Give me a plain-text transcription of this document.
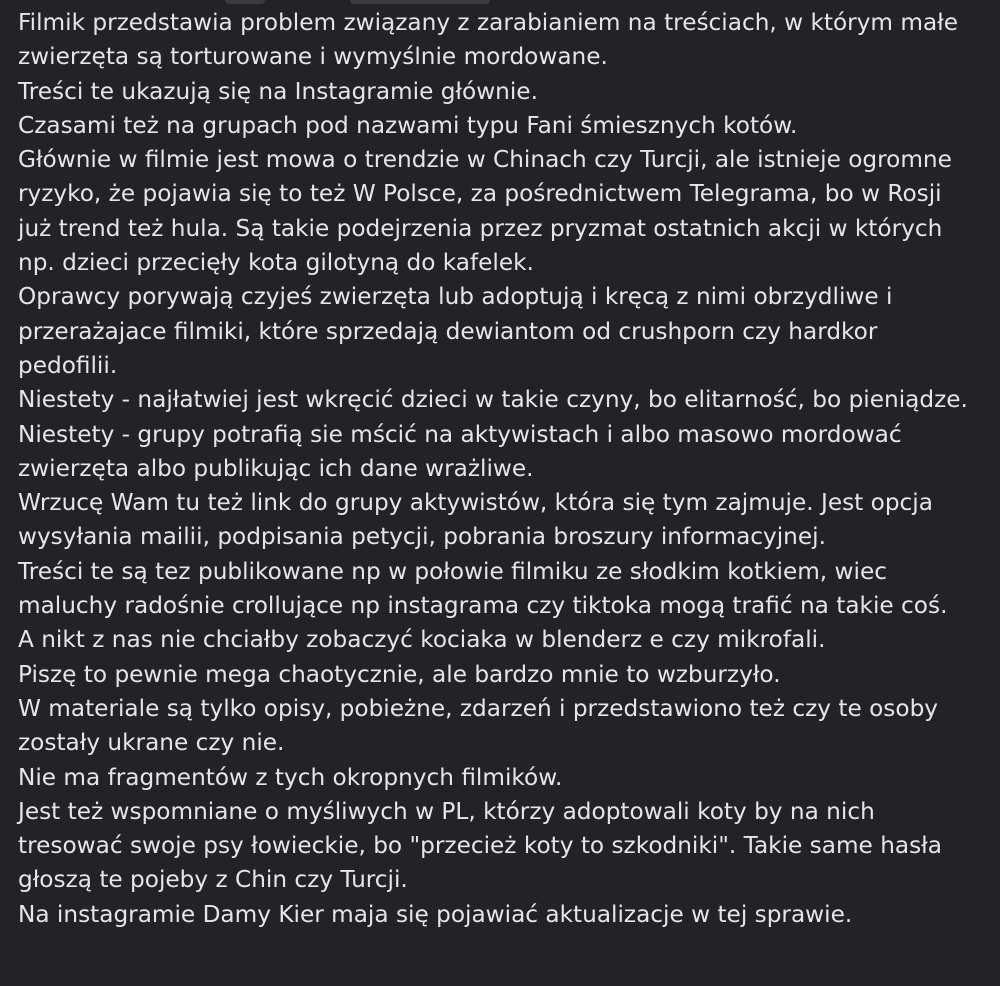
Filmik przedstawia problem związany z zarabianiem na treściach, w którym małe
zwierzęta są torturowane i wymyślnie mordowane.
Treści te ukazują się na Instagramie głównie.
Czasami też na grupach pod nazwami typu Fani śmiesznych kotów.
Głównie w filmie jest mowa o trendzie w Chinach czy Turcji, ale istnieje ogromne
ryzyko, że pojawia się to też W Polsce, za pośrednictwem Telegrama, bo w Rosji
już trend też hula. Są takie podejrzenia przez pryzmat ostatnich akcji w których
np. dzieci przecięły kota gilotyną do kafelek.
Oprawcy porywają czyjeś zwierzęta lub adoptują i kręcą z nimi obrzydliwe i
przerażajace filmiki, które sprzedają dewiantom od crushporn czy hardkor
pedofilii.
Niestety - najłatwiej jest wkręcić dzieci w takie czyny, bo elitarność, bo pieniądze.
Niestety - grupy potrafią sie mścić na aktywistach i albo masowo mordować
zwierzęta albo publikując ich dane wrażliwe.
Wrzucę Wam tu też link do grupy aktywistów, która się tym zajmuje. Jest opcja
wysyłania mailii, podpisania petycji, pobrania broszury informacyjnej.
Treści te są tez publikowane np w połowie filmiku ze słodkim kotkiem, wiec
maluchy radośnie crollujące np instagrama czy tiktoka mogą trafić na takie coś.
A nikt z nas nie chciałby zobaczyć kociaka w blenderz e czy mikrofali.
Piszę to pewnie mega chaotycznie, ale bardzo mnie to wzburzyło.
W materiale są tylko opisy, pobieżne, zdarzeń i przedstawiono też czy te osoby
zostały ukrane czy nie.
Nie ma fragmentów z tych okropnych filmików.
Jest też wspomniane o myśliwych w PL, którzy adoptowali koty by na nich
tresować swoje psy łowieckie, bo "przecież koty to szkodniki". Takie same hasła
głoszą te pojeby z Chin czy Turcji.
Na instagramie Damy Kier maja się pojawiać aktualizacje w tej sprawie.
